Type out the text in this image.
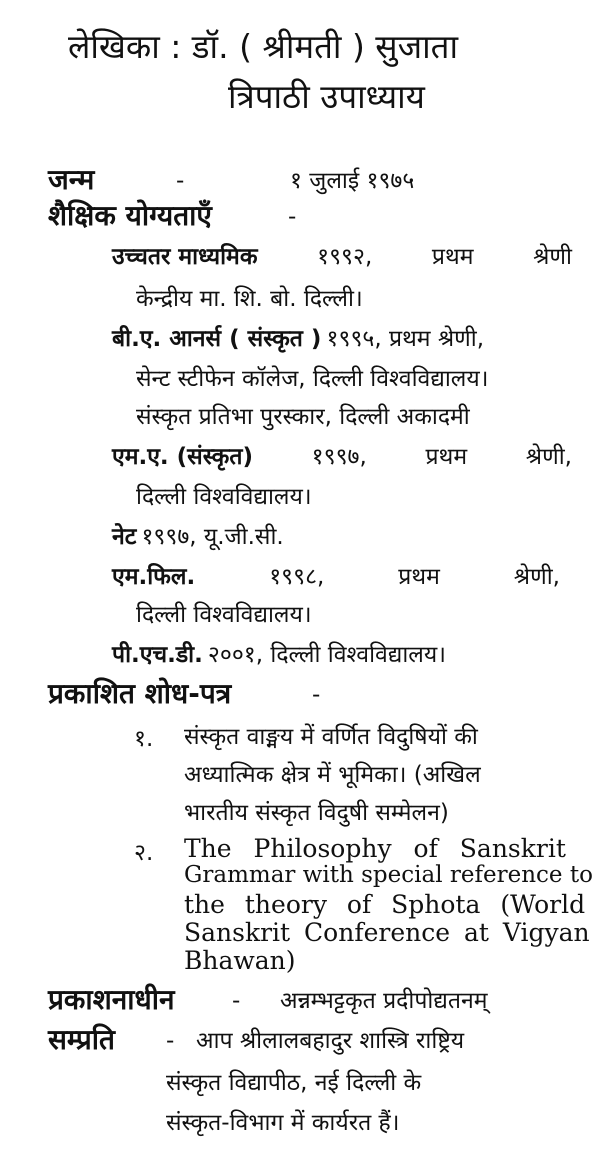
लेखिका : डॉ. ( श्रीमती ) सुजाता
त्रिपाठी उपाध्याय
जन्म	-	१ जुलाई १९७५
शैक्षिक योग्यताएँ	-
उच्चतर माध्यमिक	१९९२,	प्रथम	श्रेणी
केन्द्रीय मा. शि. बो. दिल्ली।
बी.ए. आनर्स ( संस्कृत ) १९९५, प्रथम श्रेणी,
सेन्ट स्टीफेन कॉलेज, दिल्ली विश्वविद्यालय।
संस्कृत प्रतिभा पुरस्कार, दिल्ली अकादमी
एम.ए. (संस्कृत)	१९९७,	प्रथम	श्रेणी,
दिल्ली विश्वविद्यालय।
नेट १९९७, यू.जी.सी.
एम.फिल.	१९९८,	प्रथम	श्रेणी,
दिल्ली विश्वविद्यालय।
पी.एच.डी. २००१, दिल्ली विश्वविद्यालय।
प्रकाशित शोध-पत्र	-
१. संस्कृत वाङ्मय में वर्णित विदुषियों की
अध्यात्मिक क्षेत्र में भूमिका। (अखिल
भारतीय संस्कृत विदुषी सम्मेलन)
२. The Philosophy of Sanskrit
Grammar with special reference to
the theory of Sphota (World
Sanskrit Conference at Vigyan
Bhawan)
प्रकाशनाधीन - अन्नम्भट्टकृत प्रदीपोद्यतनम्
सम्प्रति - आप श्रीलालबहादुर शास्त्रि राष्ट्रिय
संस्कृत विद्यापीठ, नई दिल्ली के
संस्कृत-विभाग में कार्यरत हैं।
